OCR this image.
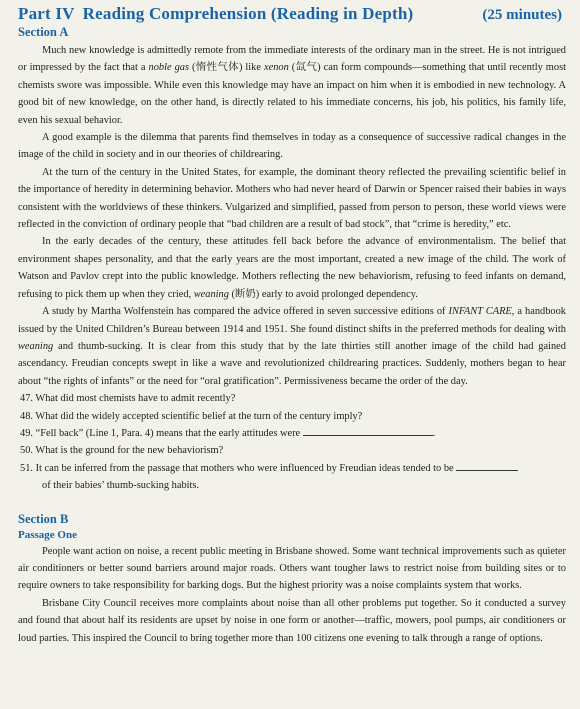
Part IV Reading Comprehension (Reading in Depth)	(25 minutes)
Section A

Much new knowledge is admittedly remote from the immediate interests of the ordinary man in the street. He is not intrigued or impressed by the fact that a noble gas (惰性气体) like xenon (氙气) can form compounds—something that until recently most chemists swore was impossible. While even this knowledge may have an impact on him when it is embodied in new technology. A good bit of new knowledge, on the other hand, is directly related to his immediate concerns, his job, his politics, his family life, even his sexual behavior.

A good example is the dilemma that parents find themselves in today as a consequence of successive radical changes in the image of the child in society and in our theories of childrearing.

At the turn of the century in the United States, for example, the dominant theory reflected the prevailing scientific belief in the importance of heredity in determining behavior. Mothers who had never heard of Darwin or Spencer raised their babies in ways consistent with the worldviews of these thinkers. Vulgarized and simplified, passed from person to person, these world views were reflected in the conviction of ordinary people that “bad children are a result of bad stock”, that “crime is heredity,” etc.

In the early decades of the century, these attitudes fell back before the advance of environmentalism. The belief that environment shapes personality, and that the early years are the most important, created a new image of the child. The work of Watson and Pavlov crept into the public knowledge. Mothers reflecting the new behaviorism, refusing to feed infants on demand, refusing to pick them up when they cried, weaning (断奶) early to avoid prolonged dependency.

A study by Martha Wolfenstein has compared the advice offered in seven successive editions of INFANT CARE, a handbook issued by the United Children’s Bureau between 1914 and 1951. She found distinct shifts in the preferred methods for dealing with weaning and thumb-sucking. It is clear from this study that by the late thirties still another image of the child had gained ascendancy. Freudian concepts swept in like a wave and revolutionized childrearing practices. Suddenly, mothers began to hear about “the rights of infants” or the need for “oral gratification”. Permissiveness became the order of the day.

47. What did most chemists have to admit recently?

48. What did the widely accepted scientific belief at the turn of the century imply?

49. “Fell back” (Line 1, Para. 4) means that the early attitudes were	.

50. What is the ground for the new behaviorism?

51. It can be inferred from the passage that mothers who were influenced by Freudian ideas tended to be

of their babies’ thumb-sucking habits.

Section B
Passage One

People want action on noise, a recent public meeting in Brisbane showed. Some want technical improvements such as quieter air conditioners or better sound barriers around major roads. Others want tougher laws to restrict noise from building sites or to require owners to take responsibility for barking dogs. But the highest priority was a noise complaints system that works.

Brisbane City Council receives more complaints about noise than all other problems put together. So it conducted a survey and found that about half its residents are upset by noise in one form or another—traffic, mowers, pool pumps, air conditioners or loud parties. This inspired the Council to bring together more than 100 citizens one evening to talk through a range of options.
